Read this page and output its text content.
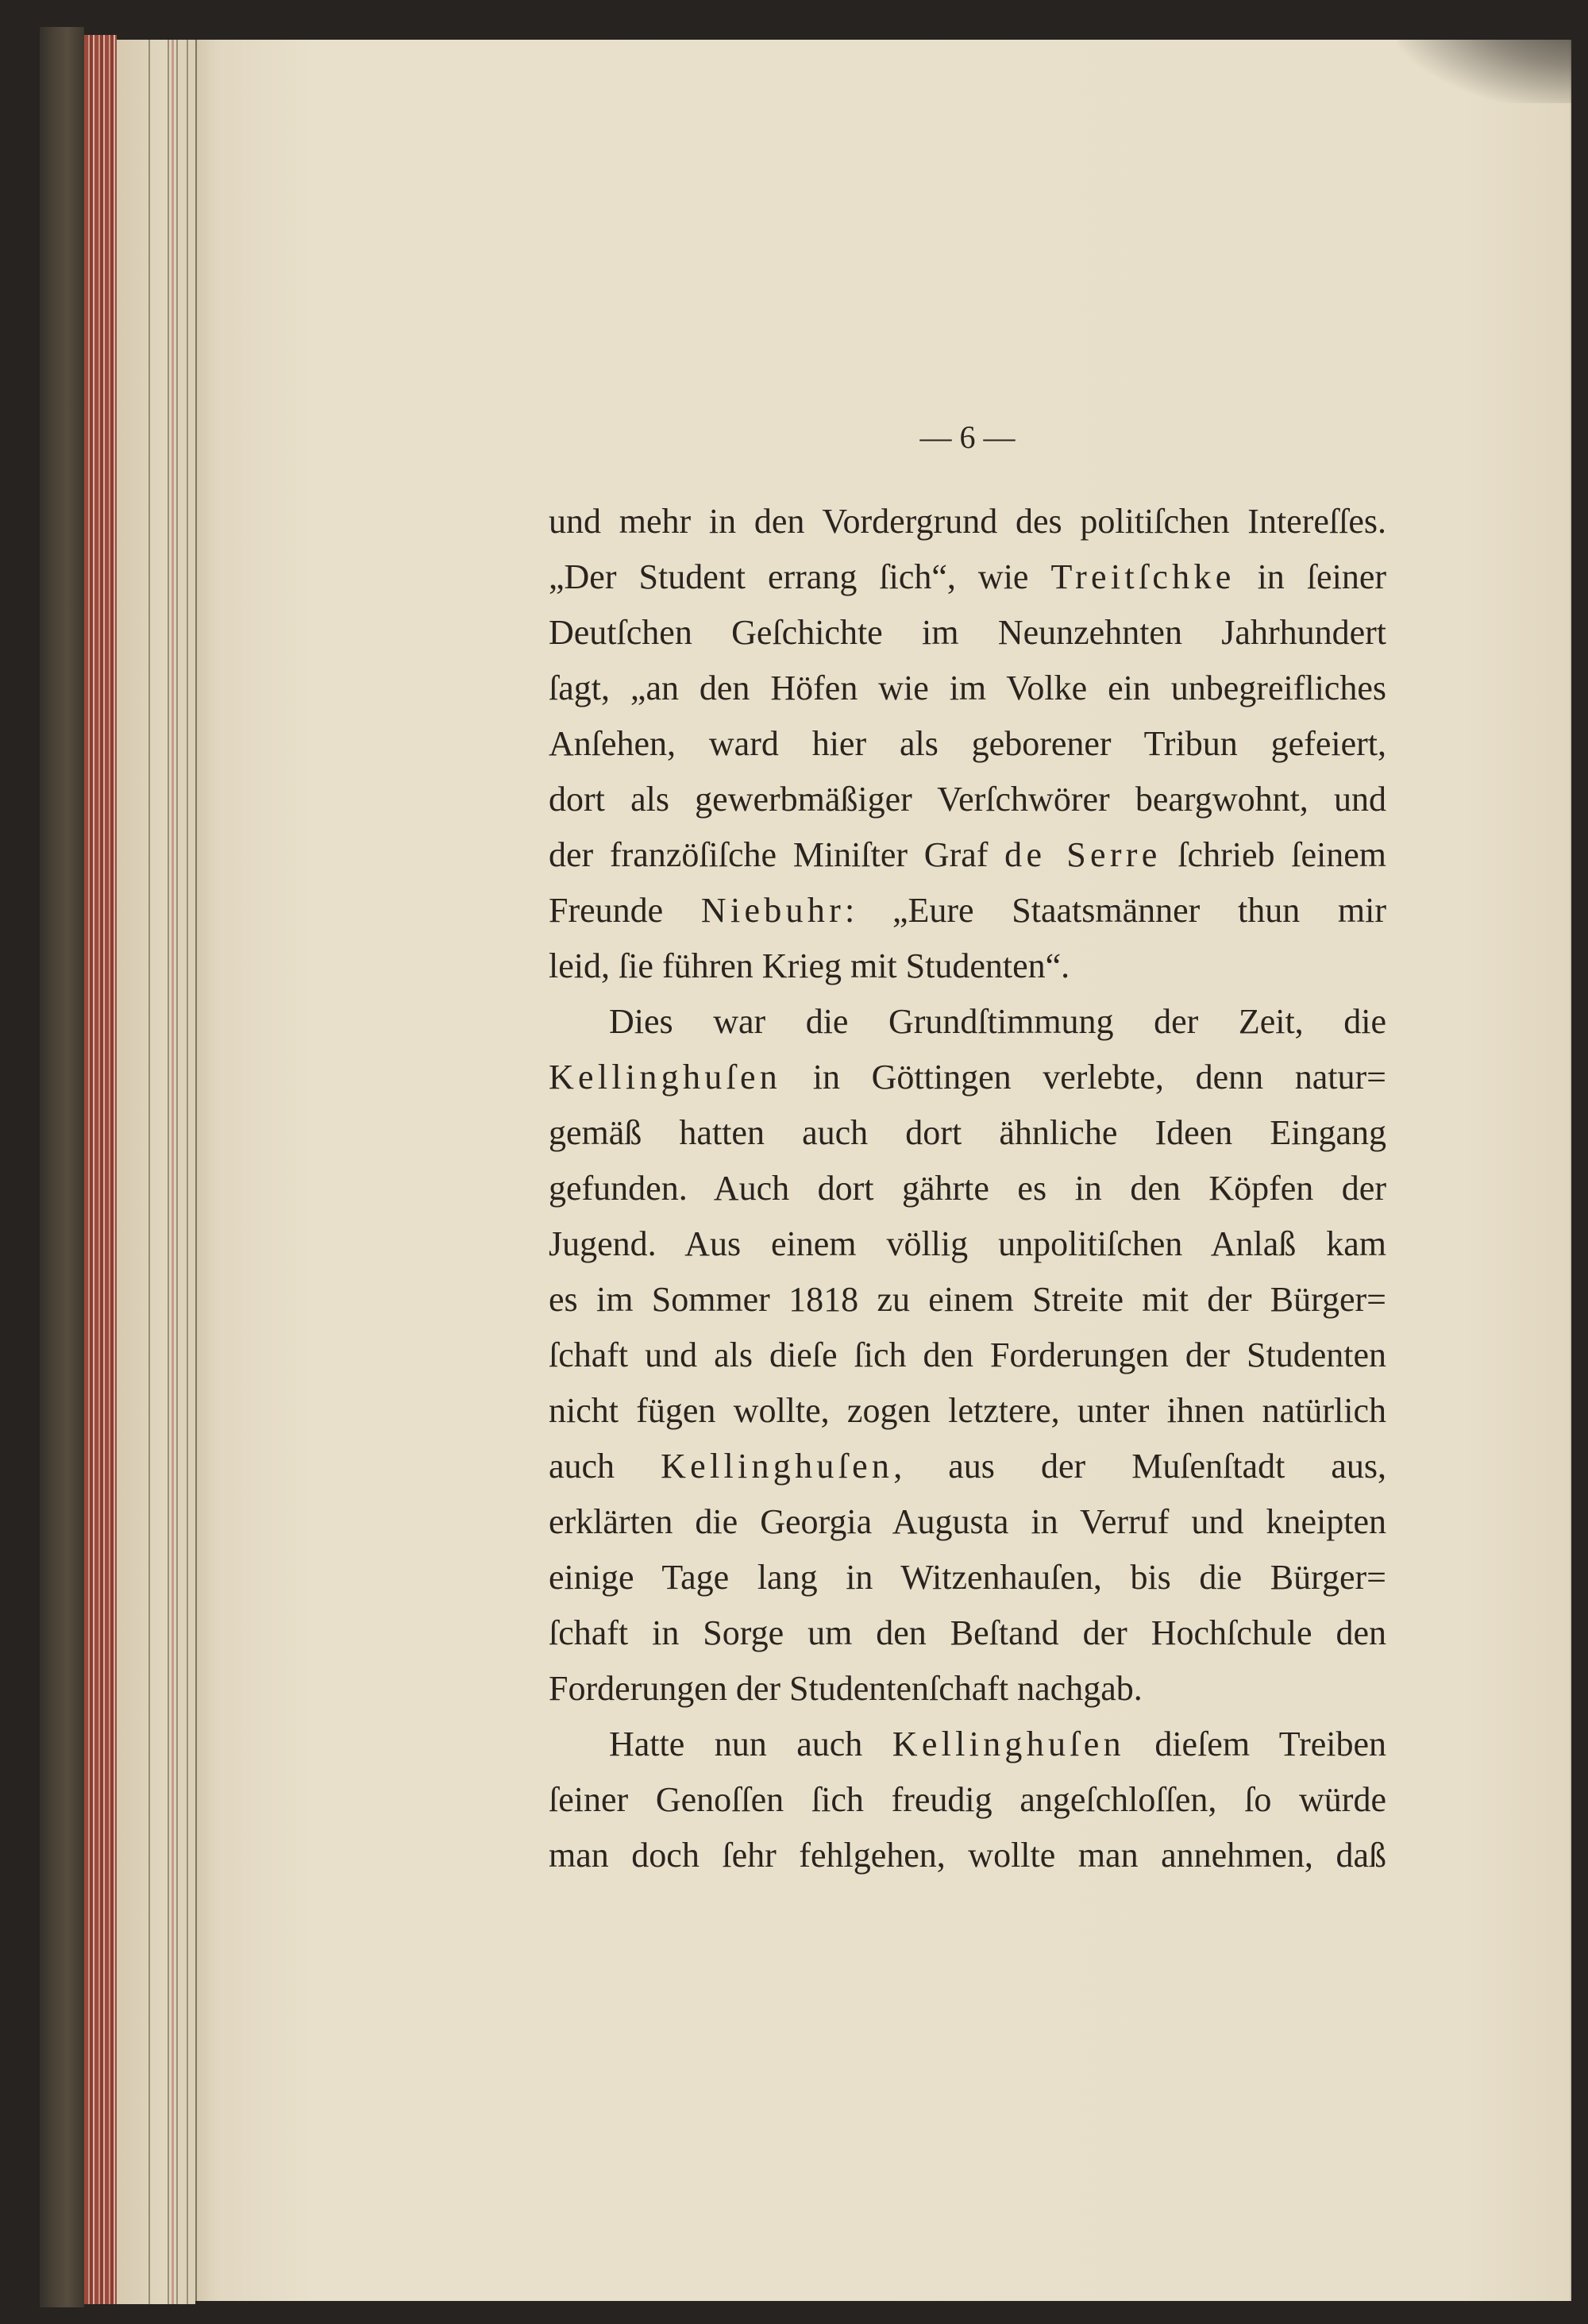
— 6 —
und mehr in den Vordergrund des politiſchen Intereſſes.
„Der Student errang ſich“, wie Treitſchke in ſeiner
Deutſchen Geſchichte im Neunzehnten Jahrhundert
ſagt, „an den Höfen wie im Volke ein unbegreifliches
Anſehen, ward hier als geborener Tribun gefeiert,
dort als gewerbmäßiger Verſchwörer beargwohnt, und
der franzöſiſche Miniſter Graf de Serre ſchrieb ſeinem
Freunde Niebuhr: „Eure Staatsmänner thun mir
leid, ſie führen Krieg mit Studenten“.
Dies war die Grundſtimmung der Zeit, die
Kellinghuſen in Göttingen verlebte, denn natur=
gemäß hatten auch dort ähnliche Ideen Eingang
gefunden. Auch dort gährte es in den Köpfen der
Jugend. Aus einem völlig unpolitiſchen Anlaß kam
es im Sommer 1818 zu einem Streite mit der Bürger=
ſchaft und als dieſe ſich den Forderungen der Studenten
nicht fügen wollte, zogen letztere, unter ihnen natürlich
auch Kellinghuſen, aus der Muſenſtadt aus,
erklärten die Georgia Augusta in Verruf und kneipten
einige Tage lang in Witzenhauſen, bis die Bürger=
ſchaft in Sorge um den Beſtand der Hochſchule den
Forderungen der Studentenſchaft nachgab.
Hatte nun auch Kellinghuſen dieſem Treiben
ſeiner Genoſſen ſich freudig angeſchloſſen, ſo würde
man doch ſehr fehlgehen, wollte man annehmen, daß
